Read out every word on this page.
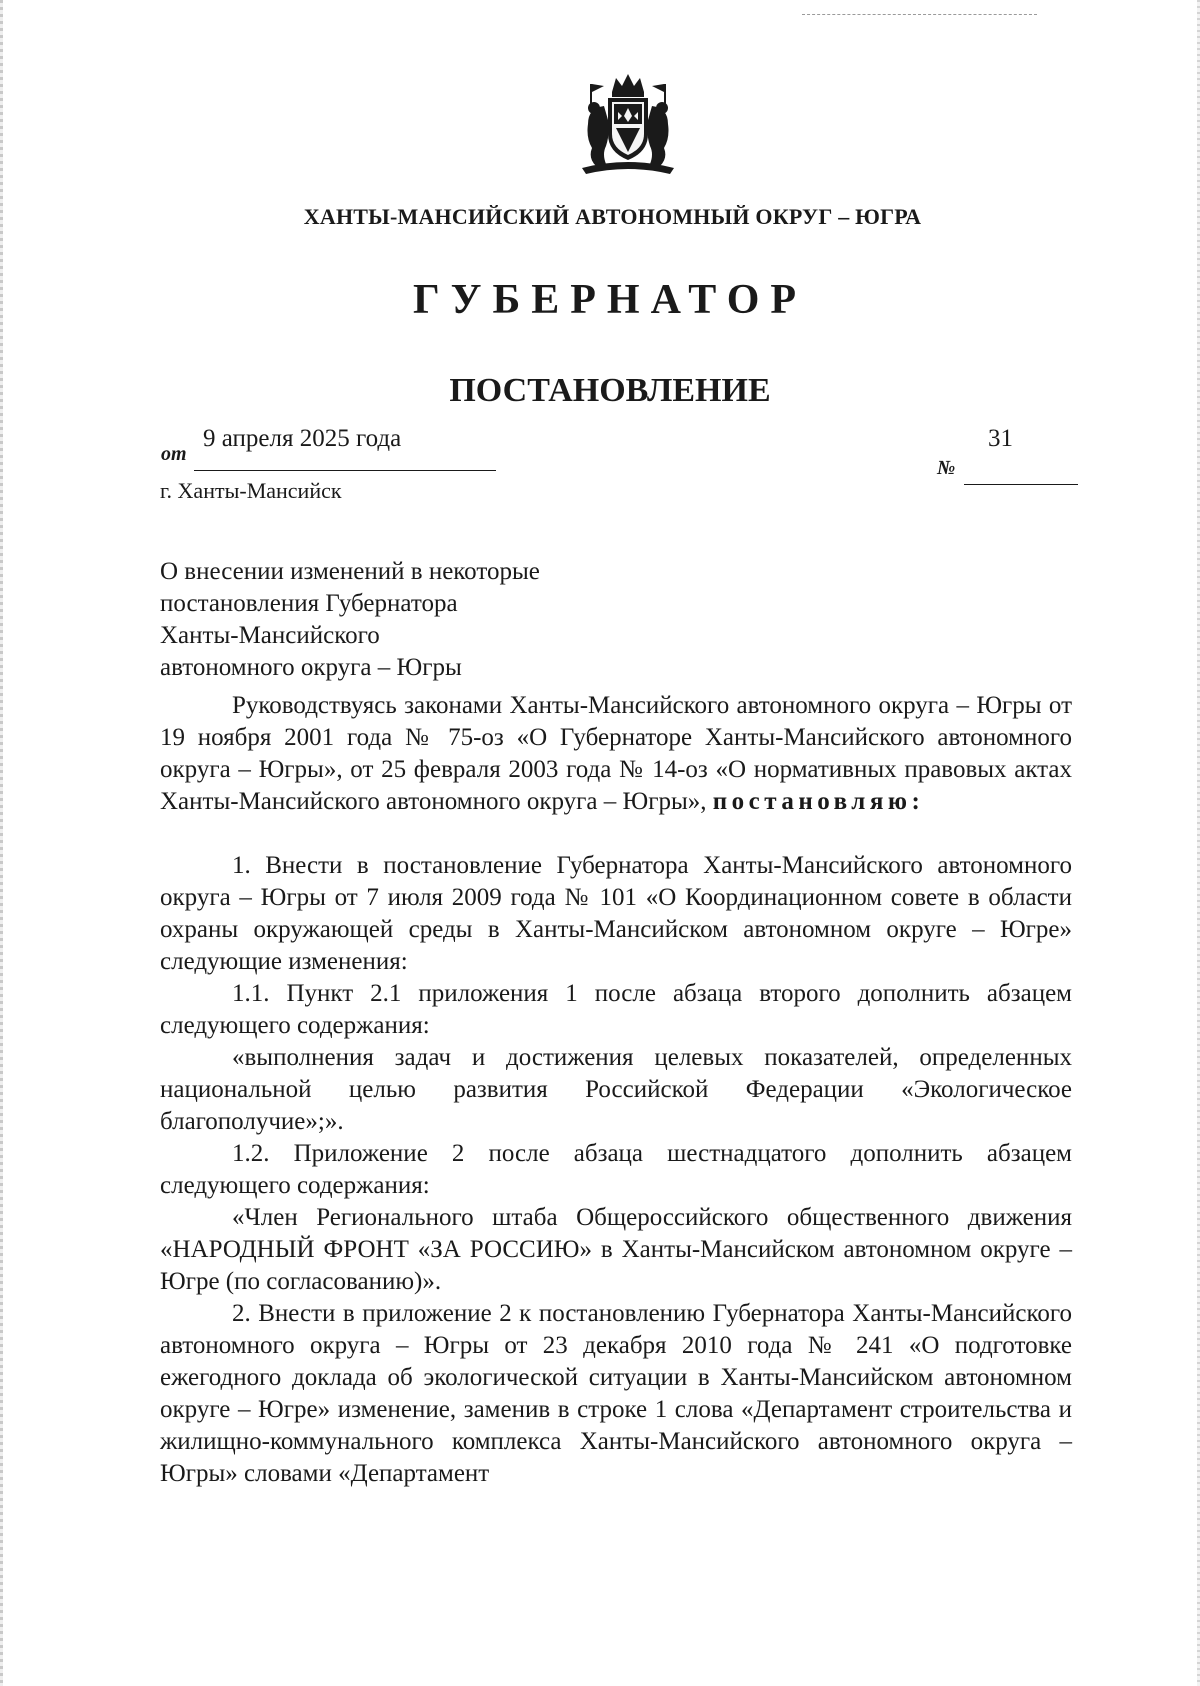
ХАНТЫ-МАНСИЙСКИЙ АВТОНОМНЫЙ ОКРУГ – ЮГРА
ГУБЕРНАТОР
ПОСТАНОВЛЕНИЕ
от
9 апреля 2025 года
№
31
г. Ханты-Мансийск
О внесении изменений в некоторые
постановления Губернатора
Ханты-Мансийского
автономного округа – Югры

Руководствуясь законами Ханты-Мансийского автономного округа – Югры от 19 ноября 2001 года № 75-оз «О Губернаторе Ханты-Мансийского автономного округа – Югры», от 25 февраля 2003 года № 14-оз «О нормативных правовых актах Ханты-Мансийского автономного округа – Югры», постановляю:

1. Внести в постановление Губернатора Ханты-Мансийского автономного округа – Югры от 7 июля 2009 года № 101 «О Координационном совете в области охраны окружающей среды в Ханты-Мансийском автономном округе – Югре» следующие изменения:

1.1. Пункт 2.1 приложения 1 после абзаца второго дополнить абзацем следующего содержания:

«выполнения задач и достижения целевых показателей, определенных национальной целью развития Российской Федерации «Экологическое благополучие»;».

1.2. Приложение 2 после абзаца шестнадцатого дополнить абзацем следующего содержания:

«Член Регионального штаба Общероссийского общественного движения «НАРОДНЫЙ ФРОНТ «ЗА РОССИЮ» в Ханты-Мансийском автономном округе – Югре (по согласованию)».

2. Внести в приложение 2 к постановлению Губернатора Ханты-Мансийского автономного округа – Югры от 23 декабря 2010 года № 241 «О подготовке ежегодного доклада об экологической ситуации в Ханты-Мансийском автономном округе – Югре» изменение, заменив в строке 1 слова «Департамент строительства и жилищно-коммунального комплекса Ханты-Мансийского автономного округа – Югры» словами «Департамент
